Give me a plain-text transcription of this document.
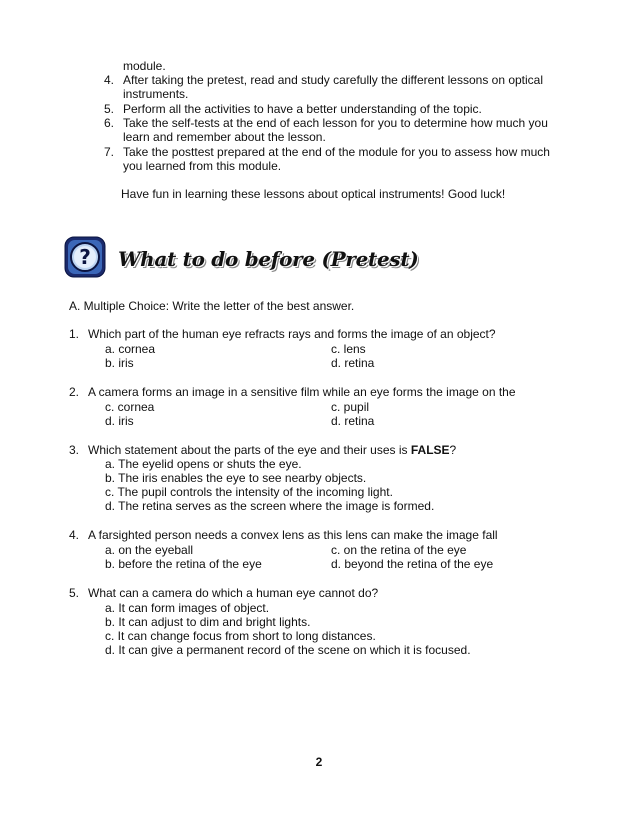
module.
4. After taking the pretest, read and study carefully the different lessons on optical
instruments.
5. Perform all the activities to have a better understanding of the topic.
6. Take the self-tests at the end of each lesson for you to determine how much you
learn and remember about the lesson.
7. Take the posttest prepared at the end of the module for you to assess how much
you learned from this module.
Have fun in learning these lessons about optical instruments! Good luck!
? What to do before (Pretest)
A. Multiple Choice: Write the letter of the best answer.
1. Which part of the human eye refracts rays and forms the image of an object?
a. cornea	c. lens
b. iris	d. retina
2. A camera forms an image in a sensitive film while an eye forms the image on the
c. cornea	c. pupil
d. iris	d. retina
3. Which statement about the parts of the eye and their uses is FALSE?
a. The eyelid opens or shuts the eye.
b. The iris enables the eye to see nearby objects.
c. The pupil controls the intensity of the incoming light.
d. The retina serves as the screen where the image is formed.
4. A farsighted person needs a convex lens as this lens can make the image fall
a. on the eyeball	c. on the retina of the eye
b. before the retina of the eye	d. beyond the retina of the eye
5. What can a camera do which a human eye cannot do?
a. It can form images of object.
b. It can adjust to dim and bright lights.
c. It can change focus from short to long distances.
d. It can give a permanent record of the scene on which it is focused.
2
